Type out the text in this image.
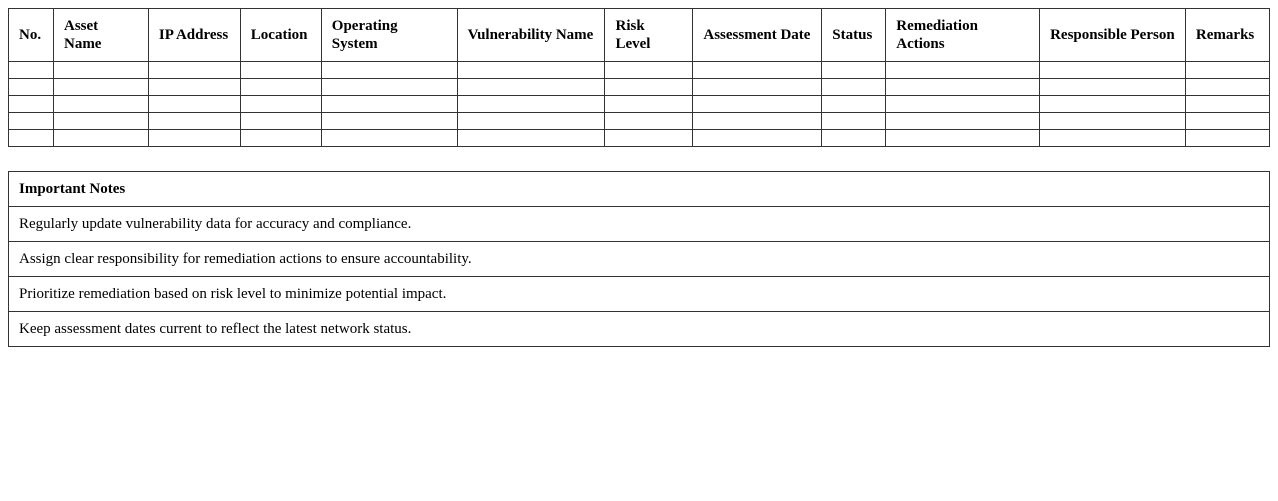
No.	Asset Name	IP Address	Location	Operating System	Vulnerability Name	Risk Level	Assessment Date	Status	Remediation Actions	Responsible Person	Remarks

Important Notes
Regularly update vulnerability data for accuracy and compliance.
Assign clear responsibility for remediation actions to ensure accountability.
Prioritize remediation based on risk level to minimize potential impact.
Keep assessment dates current to reflect the latest network status.
